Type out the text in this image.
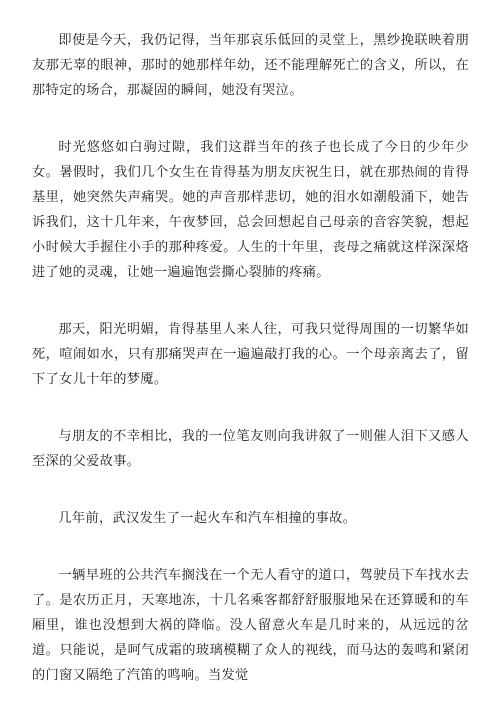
即使是今天，我仍记得，当年那哀乐低回的灵堂上，黑纱挽联映着朋友那无辜的眼神，那时的她那样年幼，还不能理解死亡的含义，所以，在那特定的场合，那凝固的瞬间，她没有哭泣。

时光悠悠如白驹过隙，我们这群当年的孩子也长成了今日的少年少女。暑假时，我们几个女生在肯得基为朋友庆祝生日，就在那热闹的肯得基里，她突然失声痛哭。她的声音那样悲切，她的泪水如潮般涌下，她告诉我们，这十几年来，午夜梦回，总会回想起自己母亲的音容笑貌，想起小时候大手握住小手的那种疼爱。人生的十年里，丧母之痛就这样深深烙进了她的灵魂，让她一遍遍饱尝撕心裂肺的疼痛。

那天，阳光明媚，肯得基里人来人往，可我只觉得周围的一切繁华如死，喧闹如水，只有那痛哭声在一遍遍敲打我的心。一个母亲离去了，留下了女儿十年的梦魇。

与朋友的不幸相比，我的一位笔友则向我讲叙了一则催人泪下又感人至深的父爱故事。

几年前，武汉发生了一起火车和汽车相撞的事故。

一辆早班的公共汽车搁浅在一个无人看守的道口，驾驶员下车找水去了。是农历正月，天寒地冻，十几名乘客都舒舒服服地呆在还算暖和的车厢里，谁也没想到大祸的降临。没人留意火车是几时来的，从远远的岔道。只能说，是呵气成霜的玻璃模糊了众人的视线，而马达的轰鸣和紧闭的门窗又隔绝了汽笛的鸣响。当发觉
